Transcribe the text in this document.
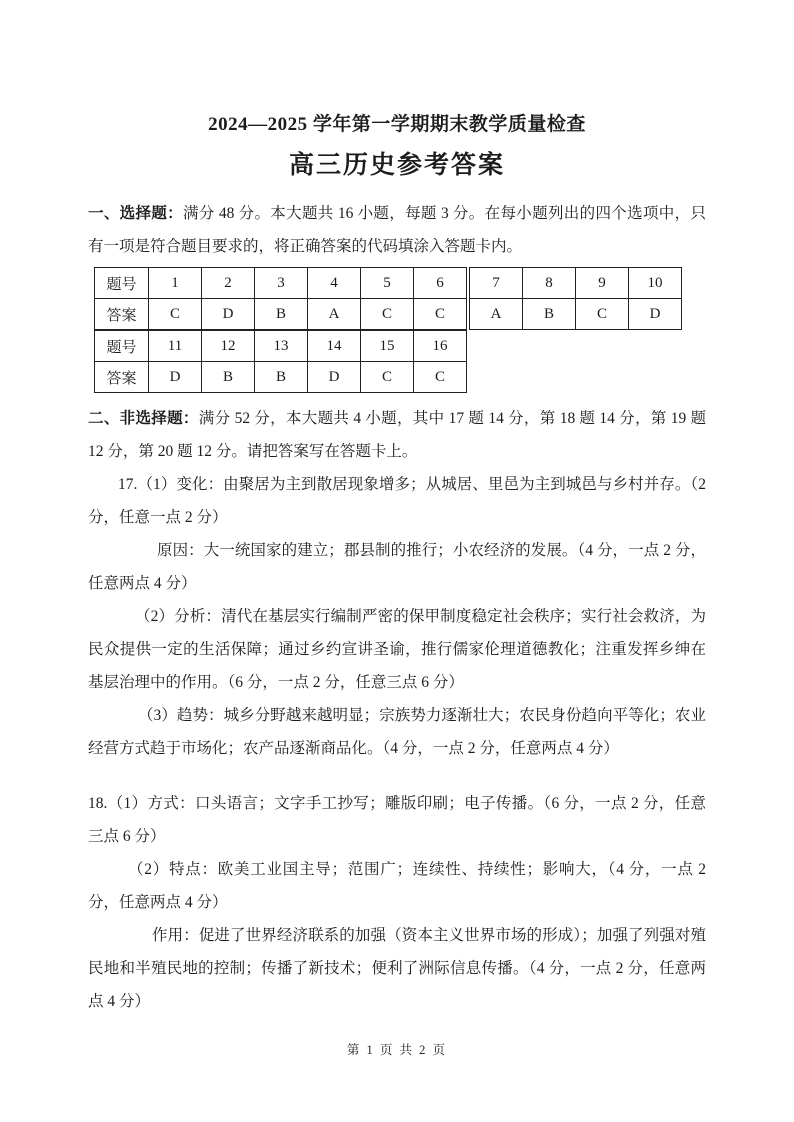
2024—2025 学年第一学期期末教学质量检查
高三历史参考答案

一、选择题：满分 48 分。本大题共 16 小题，每题 3 分。在每小题列出的四个选项中，只有一项是符合题目要求的，将正确答案的代码填涂入答题卡内。

题号	1	2	3	4	5	6	7	8	9	10
答案	C	D	B	A	C	C	A	B	C	D
题号	11	12	13	14	15	16
答案	D	B	B	D	C	C

二、非选择题：满分 52 分，本大题共 4 小题，其中 17 题 14 分，第 18 题 14 分，第 19 题 12 分，第 20 题 12 分。请把答案写在答题卡上。

17.（1）变化：由聚居为主到散居现象增多；从城居、里邑为主到城邑与乡村并存。（2 分，任意一点 2 分）

原因：大一统国家的建立；郡县制的推行；小农经济的发展。（4 分，一点 2 分，任意两点 4 分）

（2）分析：清代在基层实行编制严密的保甲制度稳定社会秩序；实行社会救济，为民众提供一定的生活保障；通过乡约宣讲圣谕，推行儒家伦理道德教化；注重发挥乡绅在基层治理中的作用。（6 分，一点 2 分，任意三点 6 分）

（3）趋势：城乡分野越来越明显；宗族势力逐渐壮大；农民身份趋向平等化；农业经营方式趋于市场化；农产品逐渐商品化。（4 分，一点 2 分，任意两点 4 分）

18.（1）方式：口头语言；文字手工抄写；雕版印刷；电子传播。（6 分，一点 2 分，任意三点 6 分）

（2）特点：欧美工业国主导；范围广；连续性、持续性；影响大，（4 分，一点 2 分，任意两点 4 分）

作用：促进了世界经济联系的加强（资本主义世界市场的形成）；加强了列强对殖民地和半殖民地的控制；传播了新技术；便利了洲际信息传播。（4 分，一点 2 分，任意两点 4 分）

第 1 页 共 2 页
